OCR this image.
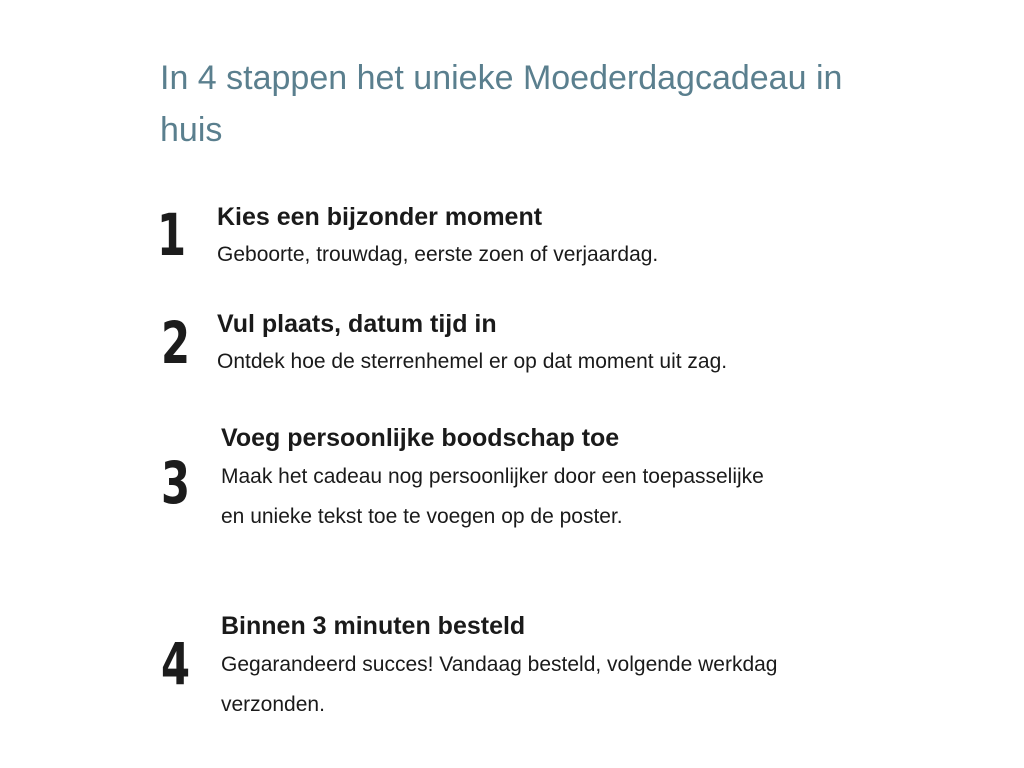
In 4 stappen het unieke Moederdagcadeau in huis
1 Kies een bijzonder moment

Geboorte, trouwdag, eerste zoen of verjaardag.

2 Vul plaats, datum tijd in

Ontdek hoe de sterrenhemel er op dat moment uit zag.

3

Voeg persoonlijke boodschap toe

Maak het cadeau nog persoonlijker door een toepasselijke en unieke tekst toe te voegen op de poster.

4

Binnen 3 minuten besteld

Gegarandeerd succes! Vandaag besteld, volgende werkdag verzonden.
